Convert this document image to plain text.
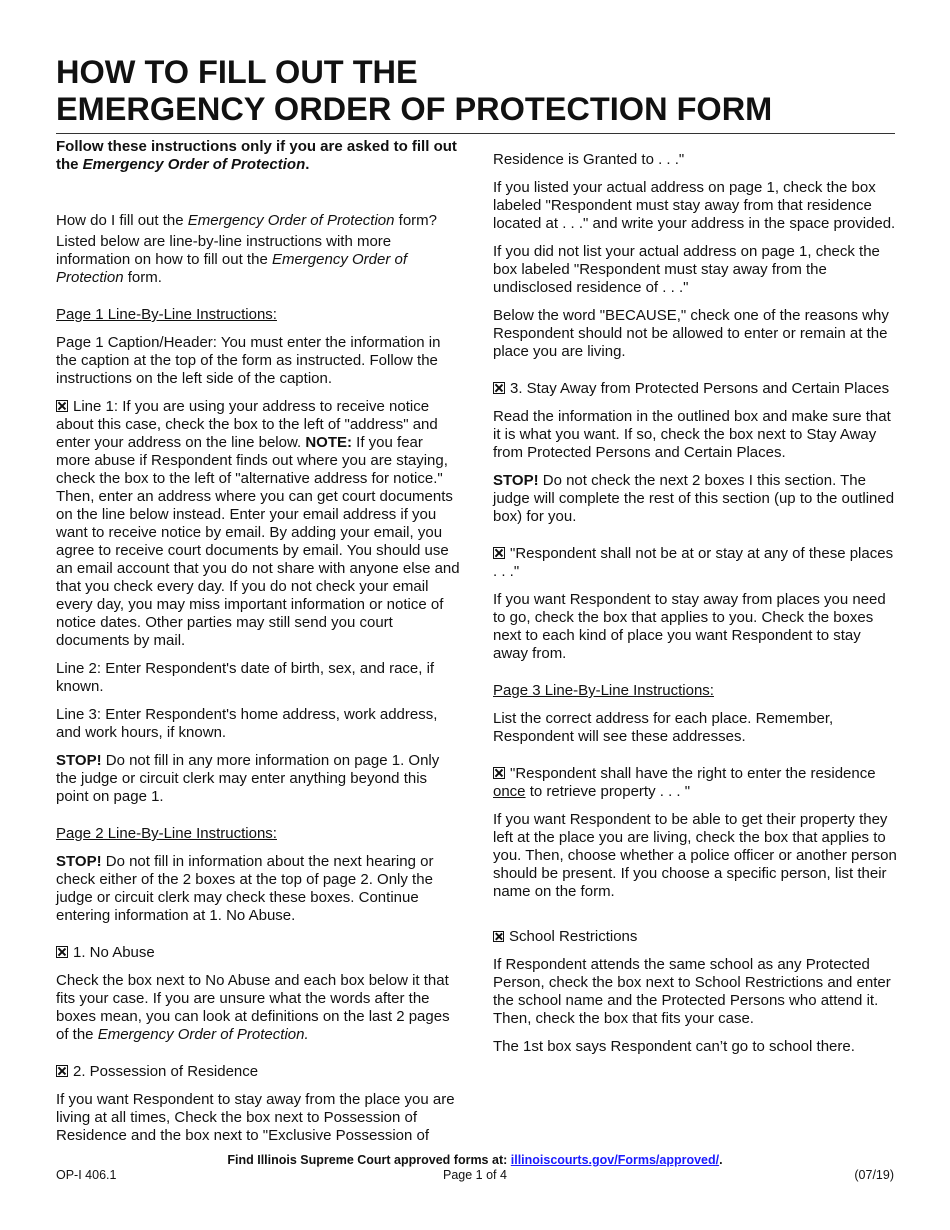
HOW TO FILL OUT THE
EMERGENCY ORDER OF PROTECTION FORM

Follow these instructions only if you are asked to fill out the Emergency Order of Protection.

How do I fill out the Emergency Order of Protection form?

Listed below are line-by-line instructions with more information on how to fill out the Emergency Order of Protection form.

Page 1 Line-By-Line Instructions:

Page 1 Caption/Header: You must enter the information in the caption at the top of the form as instructed. Follow the instructions on the left side of the caption.

Line 1: If you are using your address to receive notice about this case, check the box to the left of "address" and enter your address on the line below. NOTE: If you fear more abuse if Respondent finds out where you are staying, check the box to the left of "alternative address for notice." Then, enter an address where you can get court documents on the line below instead. Enter your email address if you want to receive notice by email. By adding your email, you agree to receive court documents by email. You should use an email account that you do not share with anyone else and that you check every day. If you do not check your email every day, you may miss important information or notice of notice dates. Other parties may still send you court documents by mail.

Line 2: Enter Respondent's date of birth, sex, and race, if known.

Line 3: Enter Respondent's home address, work address, and work hours, if known.

STOP! Do not fill in any more information on page 1. Only the judge or circuit clerk may enter anything beyond this point on page 1.

Page 2 Line-By-Line Instructions:

STOP! Do not fill in information about the next hearing or check either of the 2 boxes at the top of page 2. Only the judge or circuit clerk may check these boxes. Continue entering information at 1. No Abuse.

1. No Abuse

Check the box next to No Abuse and each box below it that fits your case. If you are unsure what the words after the boxes mean, you can look at definitions on the last 2 pages of the Emergency Order of Protection.

2. Possession of Residence

If you want Respondent to stay away from the place you are living at all times, Check the box next to Possession of Residence and the box next to "Exclusive Possession of

Residence is Granted to . . ."

If you listed your actual address on page 1, check the box labeled "Respondent must stay away from that residence located at . . ." and write your address in the space provided.

If you did not list your actual address on page 1, check the box labeled "Respondent must stay away from the undisclosed residence of . . ."

Below the word "BECAUSE," check one of the reasons why Respondent should not be allowed to enter or remain at the place you are living.

3. Stay Away from Protected Persons and Certain Places

Read the information in the outlined box and make sure that it is what you want. If so, check the box next to Stay Away from Protected Persons and Certain Places.

STOP! Do not check the next 2 boxes I this section. The judge will complete the rest of this section (up to the outlined box) for you.

"Respondent shall not be at or stay at any of these places . . ."

If you want Respondent to stay away from places you need to go, check the box that applies to you. Check the boxes next to each kind of place you want Respondent to stay away from.

Page 3 Line-By-Line Instructions:

List the correct address for each place. Remember, Respondent will see these addresses.

"Respondent shall have the right to enter the residence once to retrieve property . . . "

If you want Respondent to be able to get their property they left at the place you are living, check the box that applies to you. Then, choose whether a police officer or another person should be present. If you choose a specific person, list their name on the form.

School Restrictions

If Respondent attends the same school as any Protected Person, check the box next to School Restrictions and enter the school name and the Protected Persons who attend it. Then, check the box that fits your case.

The 1st box says Respondent can’t go to school there.

Find Illinois Supreme Court approved forms at: illinoiscourts.gov/Forms/approved/.
OP-I 406.1	Page 1 of 4	(07/19)
